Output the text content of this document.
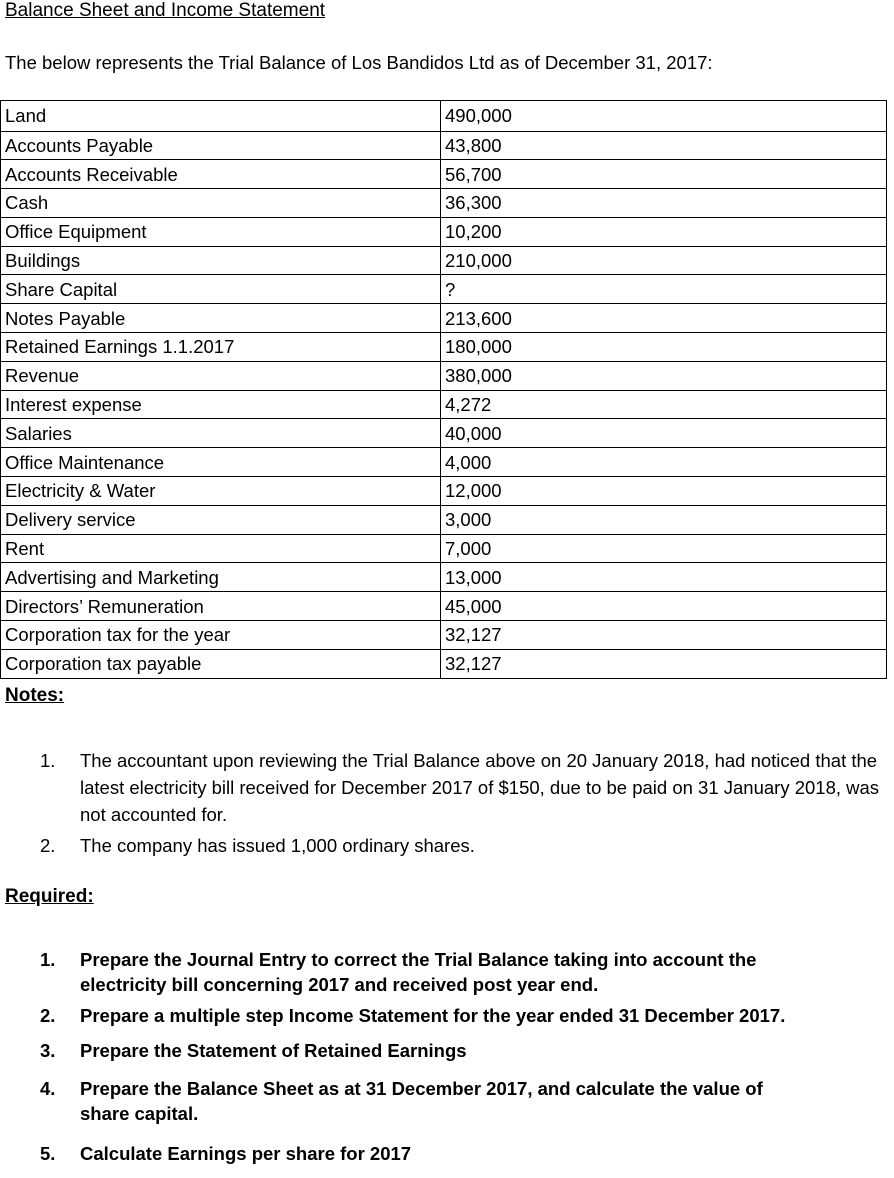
Balance Sheet and Income Statement
The below represents the Trial Balance of Los Bandidos Ltd as of December 31, 2017:
Land	490,000
Accounts Payable	43,800
Accounts Receivable	56,700
Cash	36,300
Office Equipment	10,200
Buildings	210,000
Share Capital	?
Notes Payable	213,600
Retained Earnings 1.1.2017	180,000
Revenue	380,000
Interest expense	4,272
Salaries	40,000
Office Maintenance	4,000
Electricity & Water	12,000
Delivery service	3,000
Rent	7,000
Advertising and Marketing	13,000
Directors’ Remuneration	45,000
Corporation tax for the year	32,127
Corporation tax payable	32,127
Notes:
1. The accountant upon reviewing the Trial Balance above on 20 January 2018, had noticed that the latest electricity bill received for December 2017 of $150, due to be paid on 31 January 2018, was not accounted for.
2. The company has issued 1,000 ordinary shares.
Required:
1. Prepare the Journal Entry to correct the Trial Balance taking into account the electricity bill concerning 2017 and received post year end.
2. Prepare a multiple step Income Statement for the year ended 31 December 2017.
3. Prepare the Statement of Retained Earnings
4. Prepare the Balance Sheet as at 31 December 2017, and calculate the value of share capital.
5. Calculate Earnings per share for 2017
